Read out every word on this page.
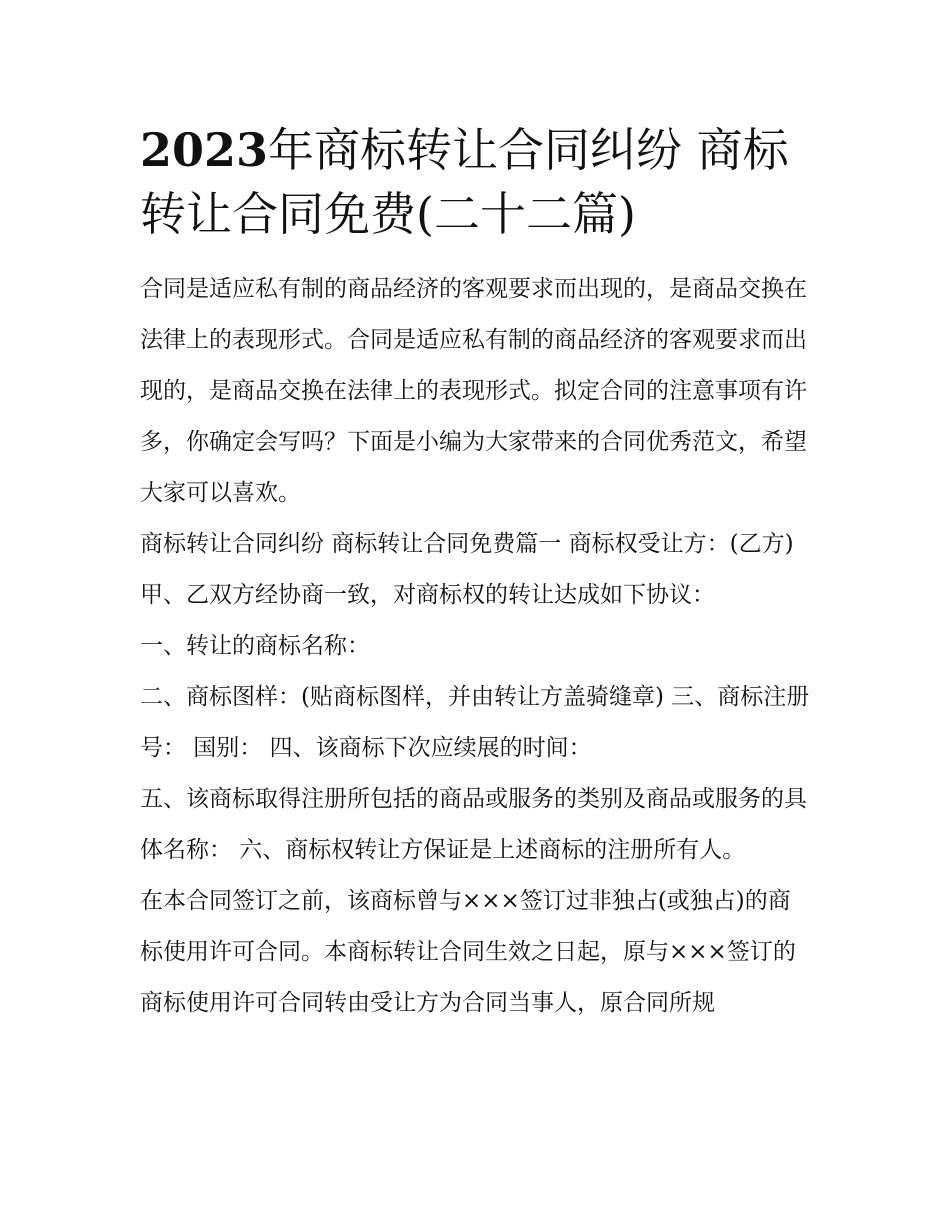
2023年商标转让合同纠纷 商标转让合同免费(二十二篇)

合同是适应私有制的商品经济的客观要求而出现的，是商品交换在法律上的表现形式。合同是适应私有制的商品经济的客观要求而出现的，是商品交换在法律上的表现形式。拟定合同的注意事项有许多，你确定会写吗？下面是小编为大家带来的合同优秀范文，希望大家可以喜欢。

商标转让合同纠纷 商标转让合同免费篇一 商标权受让方：(乙方) 甲、乙双方经协商一致，对商标权的转让达成如下协议：

一、转让的商标名称：

二、商标图样：(贴商标图样，并由转让方盖骑缝章) 三、商标注册号： 国别： 四、该商标下次应续展的时间：

五、该商标取得注册所包括的商品或服务的类别及商品或服务的具体名称： 六、商标权转让方保证是上述商标的注册所有人。

在本合同签订之前，该商标曾与×××签订过非独占(或独占)的商标使用许可合同。本商标转让合同生效之日起，原与×××签订的商标使用许可合同转由受让方为合同当事人，原合同所规
